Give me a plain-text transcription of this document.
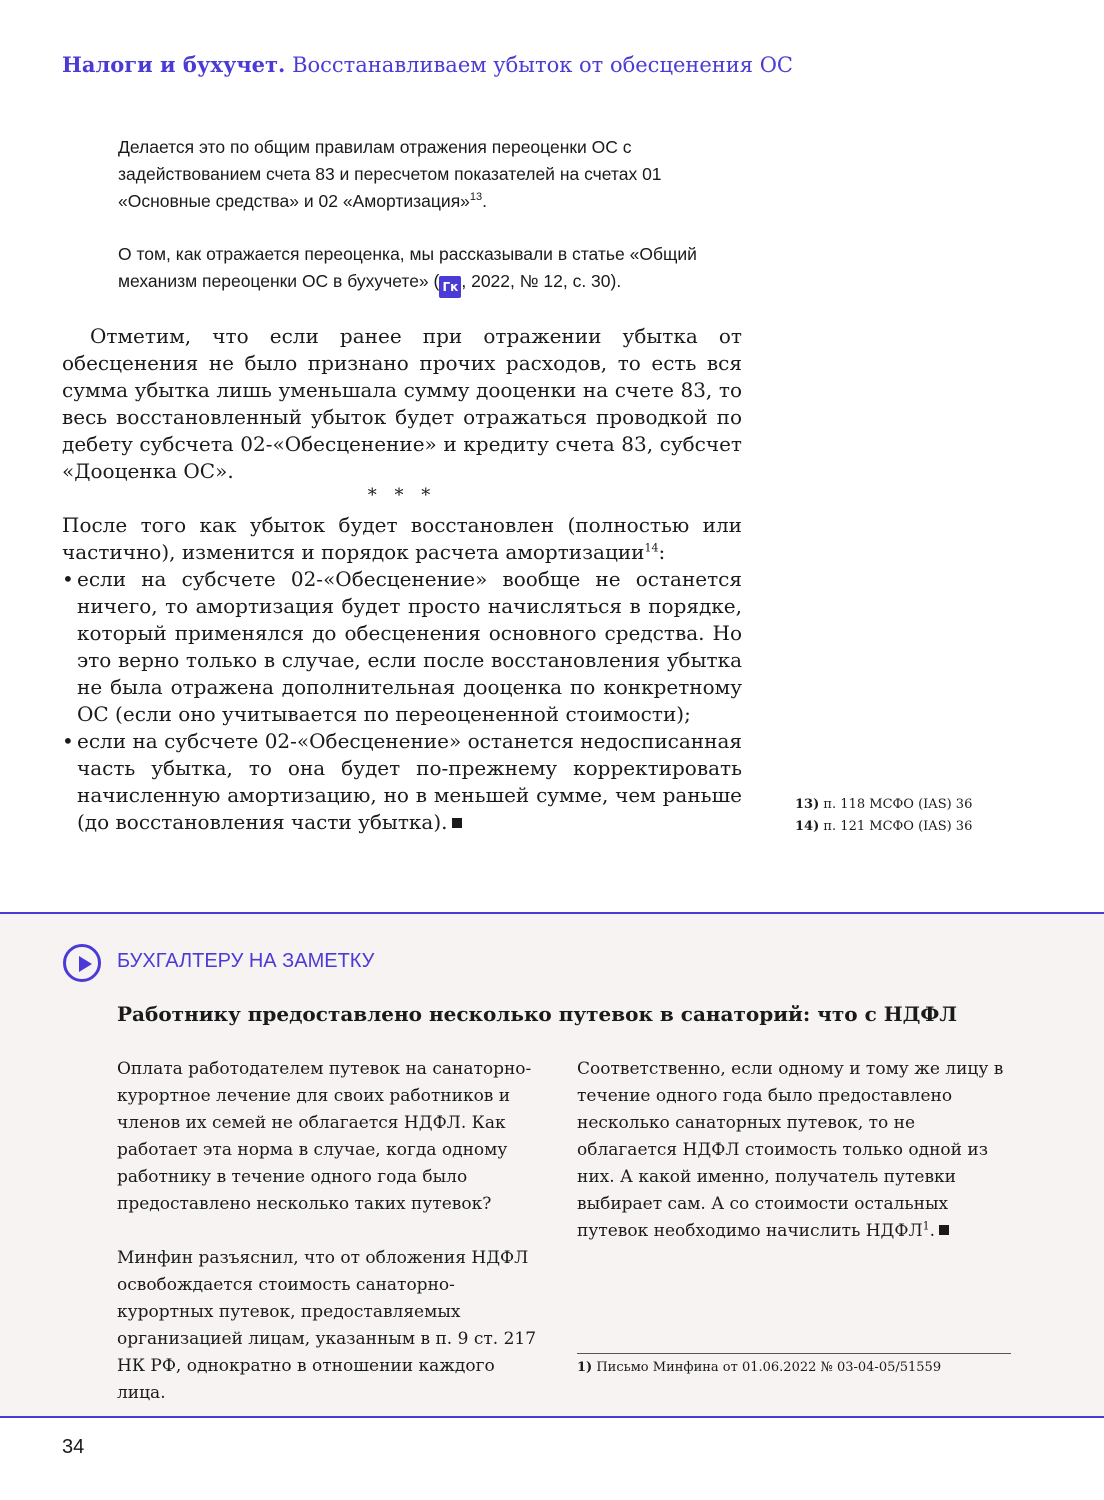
Налоги и бухучет. Восстанавливаем убыток от обесценения ОС

Делается это по общим правилам отражения переоценки ОС с задействованием счета 83 и пересчетом показателей на счетах 01 «Основные средства» и 02 «Амортизация»$^{13}$.

О том, как отражается переоценка, мы рассказывали в статье «Общий механизм переоценки ОС в бухучете» ( Гк , 2022, № 12, с. 30).

Отметим, что если ранее при отражении убытка от обесценения не было признано прочих расходов, то есть вся сумма убытка лишь уменьшала сумму дооценки на счете 83, то весь восстановленный убыток будет отражаться проводкой по дебету субсчета 02-«Обесценение» и кредиту счета 83, субсчет «Дооценка ОС».

* * *

После того как убыток будет восстановлен (полностью или частично), изменится и порядок расчета амортизации$^{14}$:

• если на субсчете 02-«Обесценение» вообще не останется ничего, то амортизация будет просто начисляться в порядке, который применялся до обесценения основного средства. Но это верно только в случае, если после восстановления убытка не была отражена дополнительная дооценка по конкретному ОС (если оно учитывается по переоцененной стоимости);
• если на субсчете 02-«Обесценение» останется недосписанная часть убытка, то она будет по-прежнему корректировать начисленную амортизацию, но в меньшей сумме, чем раньше (до восстановления части убытка).
13) п. 118 МСФО (IAS) 36
14) п. 121 МСФО (IAS) 36
БУХГАЛТЕРУ НА ЗАМЕТКУ
Работнику предоставлено несколько путевок в санаторий: что с НДФЛ

Оплата работодателем путевок на санаторно-курортное лечение для своих работников и членов их семей не облагается НДФЛ. Как работает эта норма в случае, когда одному работнику в течение одного года было предоставлено несколько таких путевок?

Минфин разъяснил, что от обложения НДФЛ освобождается стоимость санаторно-курортных путевок, предоставляемых организацией лицам, указанным в п. 9 ст. 217 НК РФ, однократно в отношении каждого лица.

Соответственно, если одному и тому же лицу в течение одного года было предоставлено несколько санаторных путевок, то не облагается НДФЛ стоимость только одной из них. А какой именно, получатель путевки выбирает сам. А со стоимости остальных путевок необходимо начислить НДФЛ$^1$.

1) Письмо Минфина от 01.06.2022 № 03-04-05/51559
34
